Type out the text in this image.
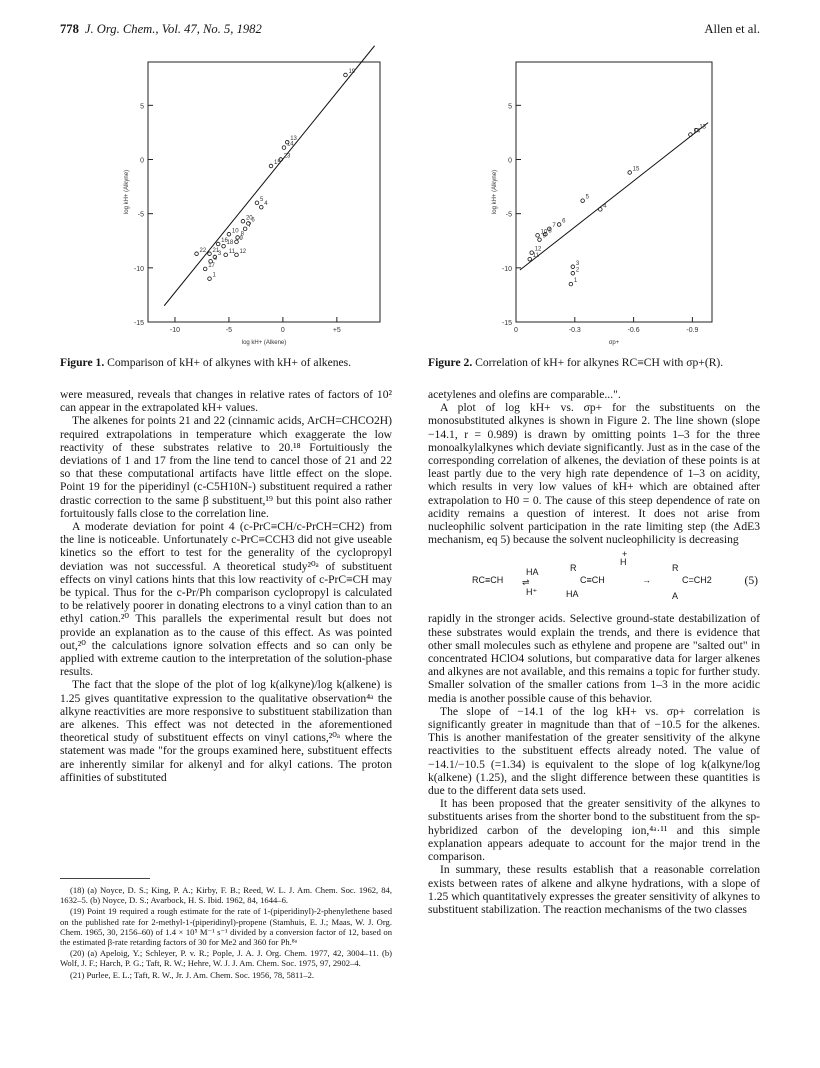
778 J. Org. Chem., Vol. 47, No. 5, 1982	Allen et al.
5
0
-5
-10
-15
-10	-5	0	+5
log kH+ (Alkene)
log kH+ (Alkyne)
19
13
14
23
15
5
4
20
6
7
10
8
9
16
18
22 21
3 11 12
2
17
1
Figure 1. Comparison of kH+ of alkynes with kH+ of alkenes.
5
0
-5
-10
-15
0	-0.3	-0.6	-0.9
σp+
log kH+ (Alkyne)
13
14
15
5
4
6
7
8
10
9
12
11
3
2
1
Figure 2. Correlation of kH+ for alkynes RC≡CH with σp+(R).

were measured, reveals that changes in relative rates of factors of 10² can appear in the extrapolated kH+ values.

The alkenes for points 21 and 22 (cinnamic acids, ArCH=CHCO2H) required extrapolations in temperature which exaggerate the low reactivity of these substrates relative to 20.¹⁸ Fortuitiously the deviations of 1 and 17 from the line tend to cancel those of 21 and 22 so that these computational artifacts have little effect on the slope. Point 19 for the piperidinyl (c-C5H10N-) substituent required a rather drastic correction to the same β substituent,¹⁹ but this point also rather fortuitously falls close to the correlation line.

A moderate deviation for point 4 (c-PrC≡CH/c-PrCH=CH2) from the line is noticeable. Unfortunately c-PrC≡CCH3 did not give useable kinetics so the effort to test for the generality of the cyclopropyl deviation was not successful. A theoretical study²⁰ᵃ of substituent effects on vinyl cations hints that this low reactivity of c-PrC≡CH may be typical. Thus for the c-Pr/Ph comparison cyclopropyl is calculated to be relatively poorer in donating electrons to a vinyl cation than to an ethyl cation.²⁰ This parallels the experimental result but does not provide an explanation as to the cause of this effect. As was pointed out,²⁰ the calculations ignore solvation effects and so can only be applied with extreme caution to the interpretation of the solution-phase results.

The fact that the slope of the plot of log k(alkyne)/log k(alkene) is 1.25 gives quantitative expression to the qualitative observation⁴ᵃ the alkyne reactivities are more responsive to substituent stabilization than are alkenes. This effect was not detected in the aforementioned theoretical study of substituent effects on vinyl cations,²⁰ᵃ where the statement was made "for the groups examined here, substituent effects are inherently similar for alkenyl and for alkyl cations. The proton affinities of substituted

(18) (a) Noyce, D. S.; King, P. A.; Kirby, F. B.; Reed, W. L. J. Am. Chem. Soc. 1962, 84, 1632–5. (b) Noyce, D. S.; Avarbock, H. S. Ibid. 1962, 84, 1644–6.

(19) Point 19 required a rough estimate for the rate of 1-(piperidinyl)-2-phenylethene based on the published rate for 2-methyl-1-(piperidinyl)-propene (Stamhuis, E. J.; Maas, W. J. Org. Chem. 1965, 30, 2156–60) of 1.4 × 10⁵ M⁻¹ s⁻¹ divided by a conversion factor of 12, based on the estimated β-rate retarding factors of 30 for Me2 and 360 for Ph.⁸ᵃ

(20) (a) Apeloig, Y.; Schleyer, P. v. R.; Pople, J. A. J. Org. Chem. 1977, 42, 3004–11. (b) Wolf, J. F.; Harch, P. G.; Taft, R. W.; Hehre, W. J. J. Am. Chem. Soc. 1975, 97, 2902–4.

(21) Purlee, E. L.; Taft, R. W., Jr. J. Am. Chem. Soc. 1956, 78, 5811–2.

acetylenes and olefins are comparable...".

A plot of log kH+ vs. σp+ for the substituents on the monosubstituted alkynes is shown in Figure 2. The line shown (slope −14.1, r = 0.989) is drawn by omitting points 1–3 for the three monoalkylalkynes which deviate significantly. Just as in the case of the corresponding correlation of alkenes, the deviation of these points is at least partly due to the very high rate dependence of 1–3 on acidity, which results in very low values of kH+ which are obtained after extrapolation to H0 = 0. The cause of this steep dependence of rate on acidity remains a question of interest. It does not arise from nucleophilic solvent participation in the rate limiting step (the AdE3 mechanism, eq 5) because the solvent nucleophilicity is decreasing

RC≡CH
HA
⇌
H⁺
R
C≡CH
H
+
HA
→
R
C=CH2
A
(5)

rapidly in the stronger acids. Selective ground-state destabilization of these substrates would explain the trends, and there is evidence that other small molecules such as ethylene and propene are "salted out" in concentrated HClO4 solutions, but comparative data for larger alkenes and alkynes are not available, and this remains a topic for further study. Smaller solvation of the smaller cations from 1–3 in the more acidic media is another possible cause of this behavior.

The slope of −14.1 of the log kH+ vs. σp+ correlation is significantly greater in magnitude than that of −10.5 for the alkenes. This is another manifestation of the greater sensitivity of the alkyne reactivities to the substituent effects already noted. The value of −14.1/−10.5 (=1.34) is equivalent to the slope of log k(alkyne/log k(alkene) (1.25), and the slight difference between these quantities is due to the different data sets used.

It has been proposed that the greater sensitivity of the alkynes to substituents arises from the shorter bond to the substituent from the sp-hybridized carbon of the developing ion,⁴ᵃ·¹¹ and this simple explanation appears adequate to account for the major trend in the comparison.

In summary, these results establish that a reasonable correlation exists between rates of alkene and alkyne hydrations, with a slope of 1.25 which quantitatively expresses the greater sensitivity of alkynes to substituent stabilization. The reaction mechanisms of the two classes
